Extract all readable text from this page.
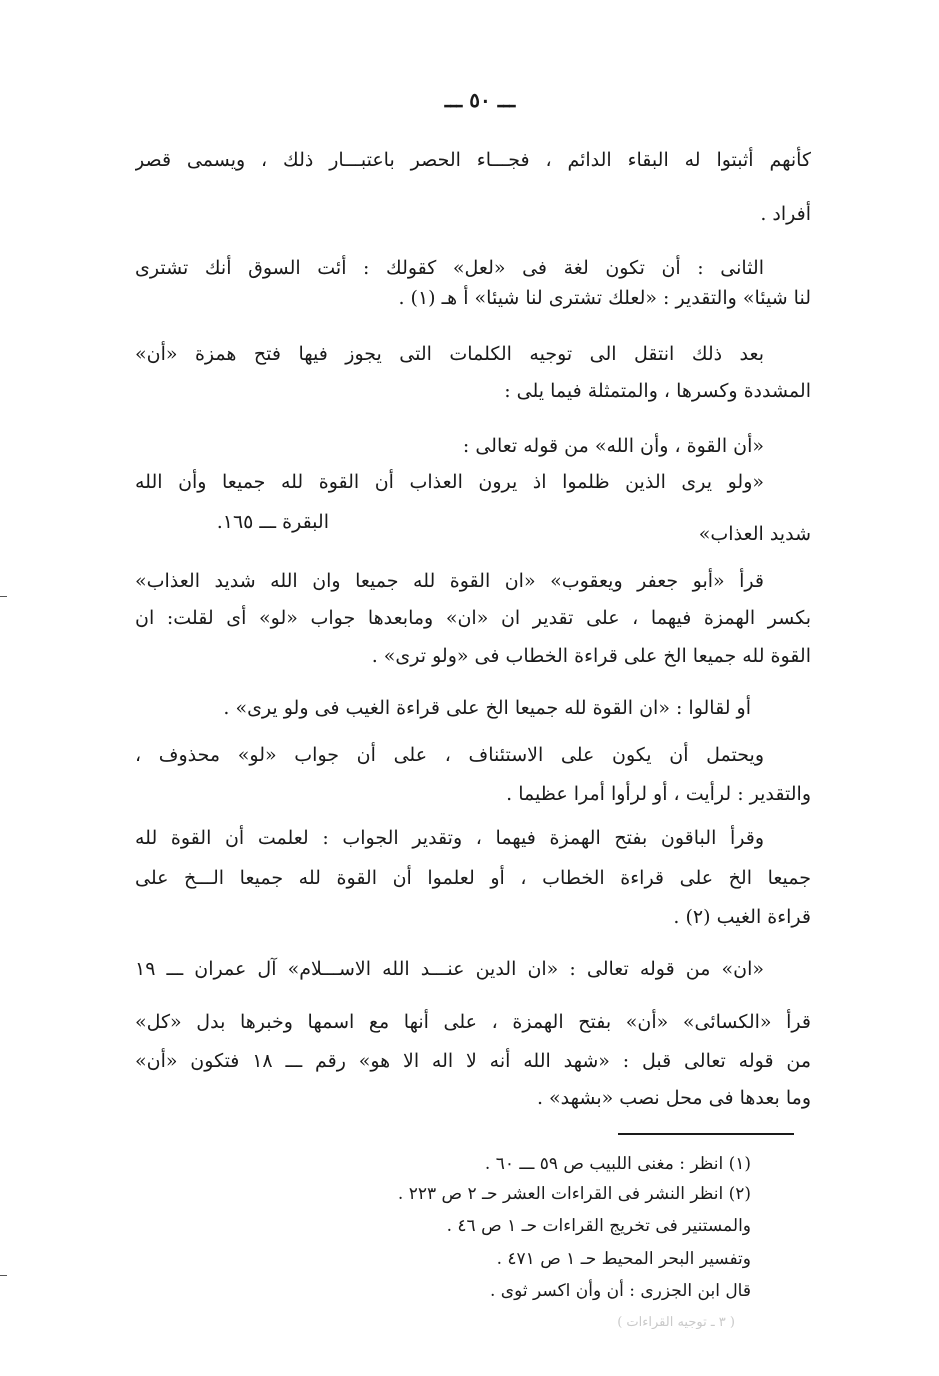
ـــ ٥٠ ـــ
كأنهم أثبتوا له البقاء الدائم ، فجـــاء الحصر باعتبـــار ذلك ، ويسمى قصر
أفراد .
الثانى : أن تكون لغة فى «لعل» كقولك : أئت السوق أنك تشترى
لنا شيئا» والتقدير : «لعلك تشترى لنا شيئا» أ هـ (١) .
بعد ذلك انتقل الى توجيه الكلمات التى يجوز فيها فتح همزة «أن»
المشددة وكسرها ، والمتمثلة فيما يلى :
«أن القوة ، وأن الله» من قوله تعالى :
«ولو يرى الذين ظلموا اذ يرون العذاب أن القوة لله جميعا وأن الله
البقرة ـــ ١٦٥.
شديد العذاب»
قرأ «أبو جعفر ويعقوب» «ان القوة لله جميعا وان الله شديد العذاب»
بكسر الهمزة فيهما ، على تقدير ان «ان» ومابعدها جواب «لو» أى لقلت: ان
القوة لله جميعا الخ على قراءة الخطاب فى «ولو ترى» .
أو لقالوا : «ان القوة لله جميعا الخ على قراءة الغيب فى ولو يرى» .
ويحتمل أن يكون على الاستئناف ، على أن جواب «لو» محذوف ،
والتقدير : لرأيت ، أو لرأوا أمرا عظيما .
وقرأ الباقون بفتح الهمزة فيهما ، وتقدير الجواب : لعلمت أن القوة لله
جميعا الخ على قراءة الخطاب ، أو لعلموا أن القوة لله جميعا الـــخ على
قراءة الغيب (٢) .
«ان» من قوله تعالى : «ان الدين عنـــد الله الاســـلام» آل عمران ـــ ١٩
قرأ «الكسائى» «أن» بفتح الهمزة ، على أنها مع اسمها وخبرها بدل «كل»
من قوله تعالى قبل : «شهد الله أنه لا اله الا هو» رقم ـــ ١٨ فتكون «أن»
وما بعدها فى محل نصب «بشهد» .
(١) انظر : مغنى اللبيب ص ٥٩ ـــ ٦٠ .
(٢) انظر النشر فى القراءات العشر حـ ٢ ص ٢٢٣ .
والمستنير فى تخريج القراءات حـ ١ ص ٤٦ .
وتفسير البحر المحيط حـ ١ ص ٤٧١ .
قال ابن الجزرى : أن وأن اكسر ثوى .
( ٣ ـ توجيه القراءات )
